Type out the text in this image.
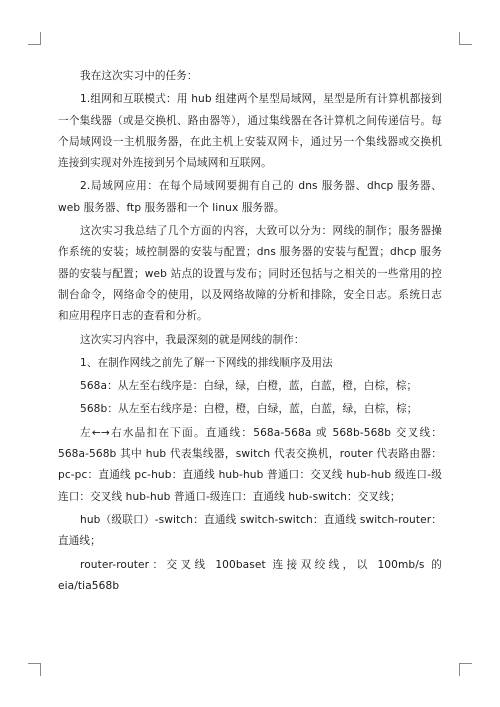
我在这次实习中的任务：

1.组网和互联模式：用 hub 组建两个星型局域网，星型是所有计算机都接到一个集线器（或是交换机、路由器等），通过集线器在各计算机之间传递信号。每个局域网设一主机服务器，在此主机上安装双网卡，通过另一个集线器或交换机连接到实现对外连接到另个局域网和互联网。

2.局域网应用：在每个局域网要拥有自己的 dns 服务器、dhcp 服务器、web 服务器、ftp 服务器和一个 linux 服务器。

这次实习我总结了几个方面的内容，大致可以分为：网线的制作；服务器操作系统的安装；域控制器的安装与配置；dns 服务器的安装与配置；dhcp 服务器的安装与配置；web 站点的设置与发布；同时还包括与之相关的一些常用的控制台命令，网络命令的使用，以及网络故障的分析和排除，安全日志。系统日志和应用程序日志的查看和分析。

这次实习内容中，我最深刻的就是网线的制作：

1、在制作网线之前先了解一下网线的排线顺序及用法

568a：从左至右线序是：白绿，绿，白橙，蓝，白蓝，橙，白棕，棕；

568b：从左至右线序是：白橙，橙，白绿，蓝，白蓝，绿，白棕，棕；

左←→右水晶扣在下面。直通线：568a-568a 或 568b-568b 交叉线：568a-568b 其中 hub 代表集线器，switch 代表交换机，router 代表路由器：pc-pc：直通线 pc-hub：直通线 hub-hub 普通口：交叉线 hub-hub 级连口-级连口：交叉线 hub-hub 普通口-级连口：直通线 hub-switch：交叉线；

hub（级联口）-switch：直通线 switch-switch：直通线 switch-router：直通线；

router-router：交叉线 100baset 连接双绞线，以 100mb/s 的 eia/tia568b
